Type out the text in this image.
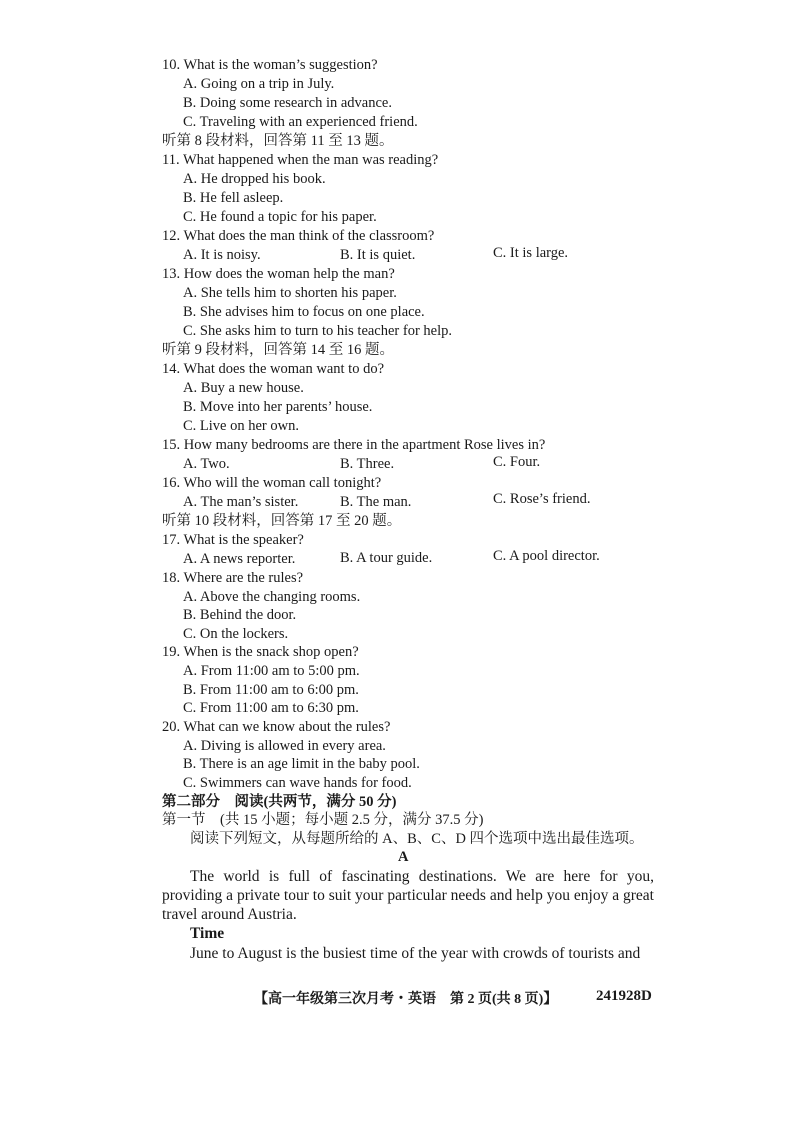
10. What is the woman’s suggestion?
A. Going on a trip in July.
B. Doing some research in advance.
C. Traveling with an experienced friend.
听第 8 段材料，回答第 11 至 13 题。
11. What happened when the man was reading?
A. He dropped his book.
B. He fell asleep.
C. He found a topic for his paper.
12. What does the man think of the classroom?
A. It is noisy.	B. It is quiet.	C. It is large.
13. How does the woman help the man?
A. She tells him to shorten his paper.
B. She advises him to focus on one place.
C. She asks him to turn to his teacher for help.
听第 9 段材料，回答第 14 至 16 题。
14. What does the woman want to do?
A. Buy a new house.
B. Move into her parents’ house.
C. Live on her own.
15. How many bedrooms are there in the apartment Rose lives in?
A. Two.	B. Three.	C. Four.
16. Who will the woman call tonight?
A. The man’s sister.	B. The man.	C. Rose’s friend.
听第 10 段材料，回答第 17 至 20 题。
17. What is the speaker?
A. A news reporter.	B. A tour guide.	C. A pool director.
18. Where are the rules?
A. Above the changing rooms.
B. Behind the door.
C. On the lockers.
19. When is the snack shop open?
A. From 11:00 am to 5:00 pm.
B. From 11:00 am to 6:00 pm.
C. From 11:00 am to 6:30 pm.
20. What can we know about the rules?
A. Diving is allowed in every area.
B. There is an age limit in the baby pool.
C. Swimmers can wave hands for food.
第二部分　阅读(共两节，满分 50 分)
第一节　(共 15 小题；每小题 2.5 分，满分 37.5 分)
阅读下列短文，从每题所给的 A、B、C、D 四个选项中选出最佳选项。
A
The world is full of fascinating destinations. We are here for you, providing a private tour to suit your particular needs and help you enjoy a great travel around Austria.
Time
June to August is the busiest time of the year with crowds of tourists and
【高一年级第三次月考・英语　第 2 页(共 8 页)】	241928D
